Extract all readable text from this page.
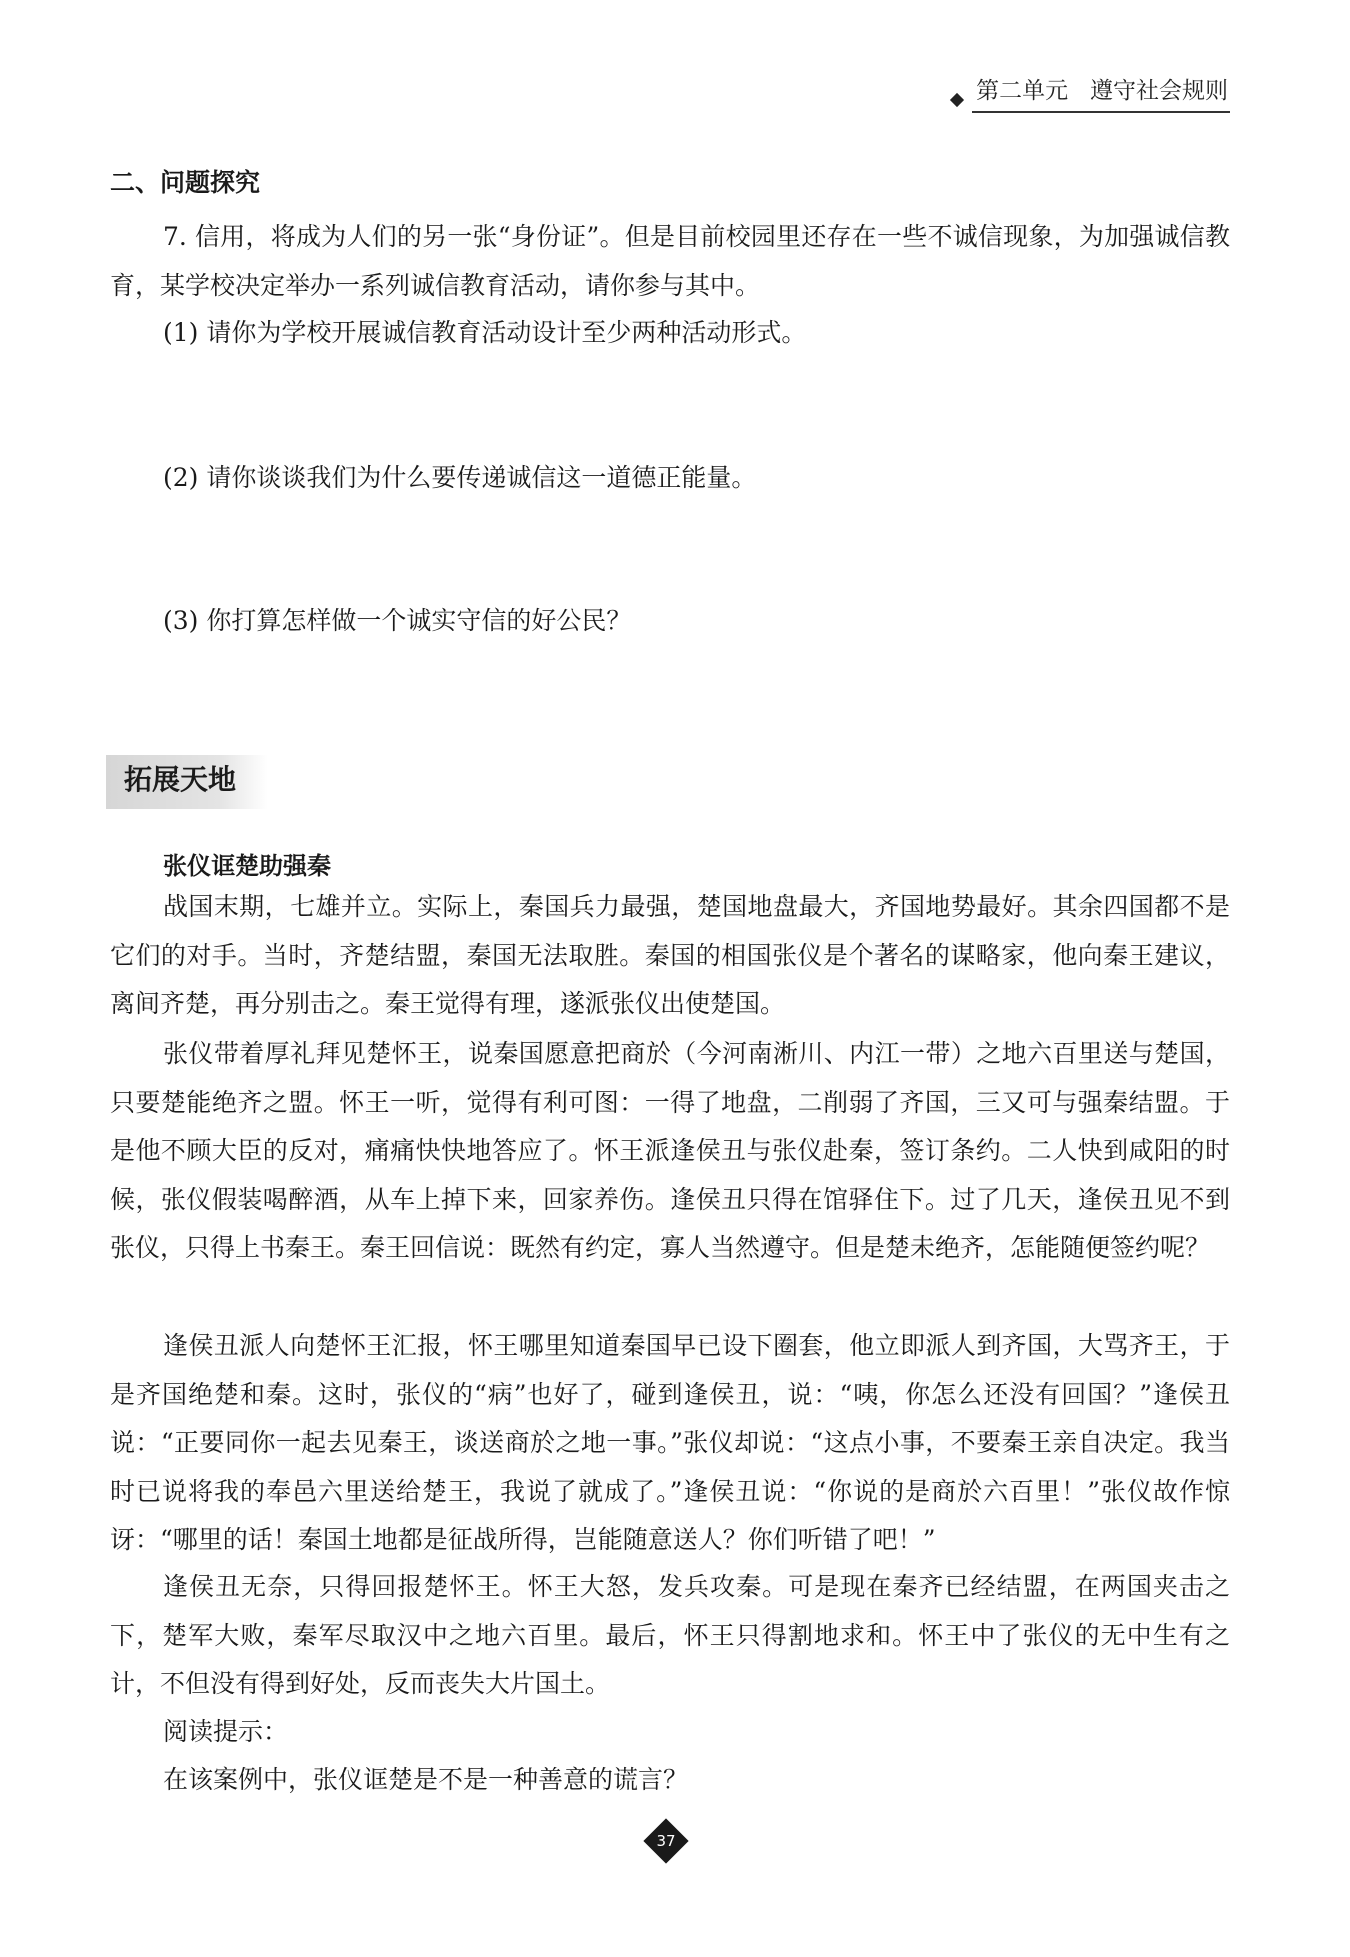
第二单元 遵守社会规则
二、问题探究

7. 信用，将成为人们的另一张“身份证”。但是目前校园里还存在一些不诚信现象，为加强诚信教育，某学校决定举办一系列诚信教育活动，请你参与其中。

(1) 请你为学校开展诚信教育活动设计至少两种活动形式。

(2) 请你谈谈我们为什么要传递诚信这一道德正能量。

(3) 你打算怎样做一个诚实守信的好公民？

拓展天地
张仪诓楚助强秦

战国末期，七雄并立。实际上，秦国兵力最强，楚国地盘最大，齐国地势最好。其余四国都不是它们的对手。当时，齐楚结盟，秦国无法取胜。秦国的相国张仪是个著名的谋略家，他向秦王建议，离间齐楚，再分别击之。秦王觉得有理，遂派张仪出使楚国。

张仪带着厚礼拜见楚怀王，说秦国愿意把商於（今河南淅川、内江一带）之地六百里送与楚国，只要楚能绝齐之盟。怀王一听，觉得有利可图：一得了地盘，二削弱了齐国，三又可与强秦结盟。于是他不顾大臣的反对，痛痛快快地答应了。怀王派逢侯丑与张仪赴秦，签订条约。二人快到咸阳的时候，张仪假装喝醉酒，从车上掉下来，回家养伤。逢侯丑只得在馆驿住下。过了几天，逢侯丑见不到张仪，只得上书秦王。秦王回信说：既然有约定，寡人当然遵守。但是楚未绝齐，怎能随便签约呢？

逢侯丑派人向楚怀王汇报，怀王哪里知道秦国早已设下圈套，他立即派人到齐国，大骂齐王，于是齐国绝楚和秦。这时，张仪的“病”也好了，碰到逢侯丑，说：“咦，你怎么还没有回国？”逢侯丑说：“正要同你一起去见秦王，谈送商於之地一事。”张仪却说：“这点小事，不要秦王亲自决定。我当时已说将我的奉邑六里送给楚王，我说了就成了。”逢侯丑说：“你说的是商於六百里！”张仪故作惊讶：“哪里的话！秦国土地都是征战所得，岂能随意送人？你们听错了吧！”

逢侯丑无奈，只得回报楚怀王。怀王大怒，发兵攻秦。可是现在秦齐已经结盟，在两国夹击之下，楚军大败，秦军尽取汉中之地六百里。最后，怀王只得割地求和。怀王中了张仪的无中生有之计，不但没有得到好处，反而丧失大片国土。

阅读提示：

在该案例中，张仪诓楚是不是一种善意的谎言？

37
